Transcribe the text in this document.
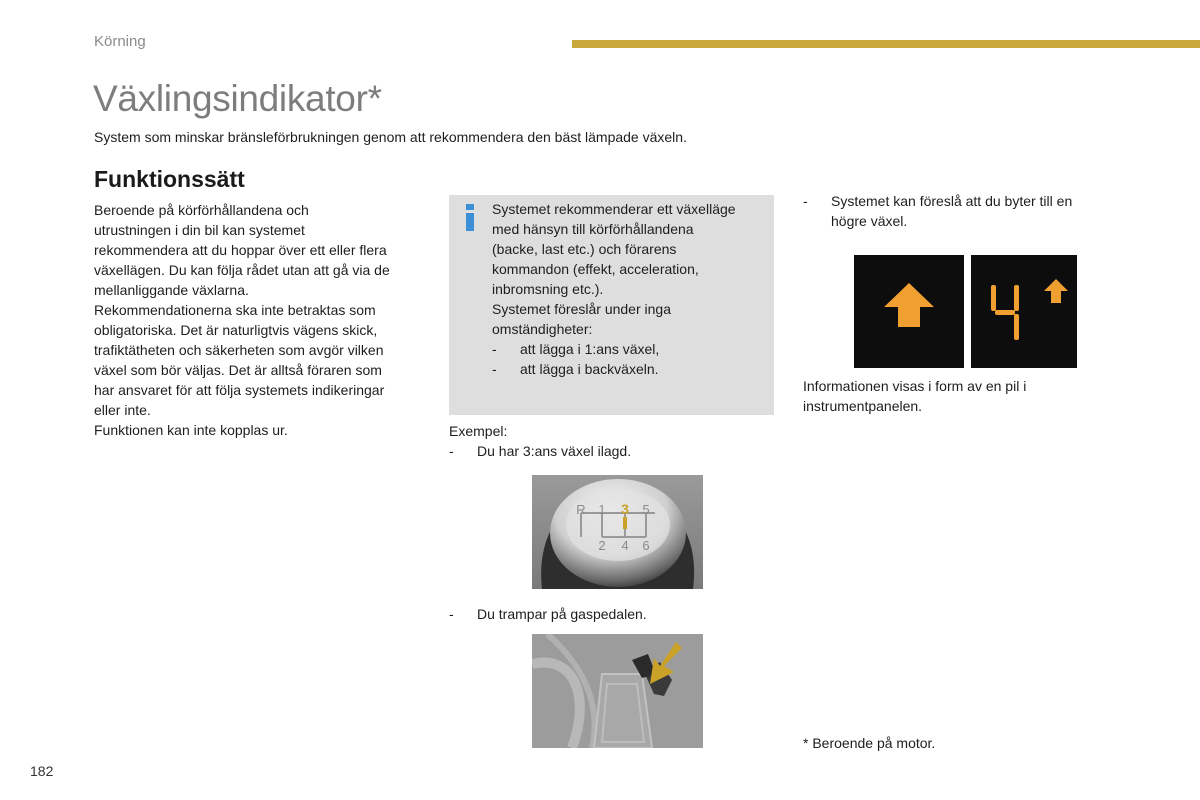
Körning
Växlingsindikator*
System som minskar bränsleförbrukningen genom att rekommendera den bäst lämpade växeln.
Funktionssätt

Beroende på körförhållandena och

utrustningen i din bil kan systemet

rekommendera att du hoppar över ett eller flera

växellägen. Du kan följa rådet utan att gå via de

mellanliggande växlarna.

Rekommendationerna ska inte betraktas som

obligatoriska. Det är naturligtvis vägens skick,

trafiktätheten och säkerheten som avgör vilken

växel som bör väljas. Det är alltså föraren som

har ansvaret för att följa systemets indikeringar

eller inte.

Funktionen kan inte kopplas ur.

Systemet rekommenderar ett växelläge

med hänsyn till körförhållandena

(backe, last etc.) och förarens

kommandon (effekt, acceleration,

inbromsning etc.).

Systemet föreslår under inga

omständigheter:

-	att lägga i 1:ans växel,
-	att lägga i backväxeln.
Exempel:
-	Du har 3:ans växel ilagd.
R 1 3 5
2 4 6
-	Du trampar på gaspedalen.
-	Systemet kan föreslå att du byter till en
högre växel.
Informationen visas i form av en pil i
instrumentpanelen.
* Beroende på motor.
182
